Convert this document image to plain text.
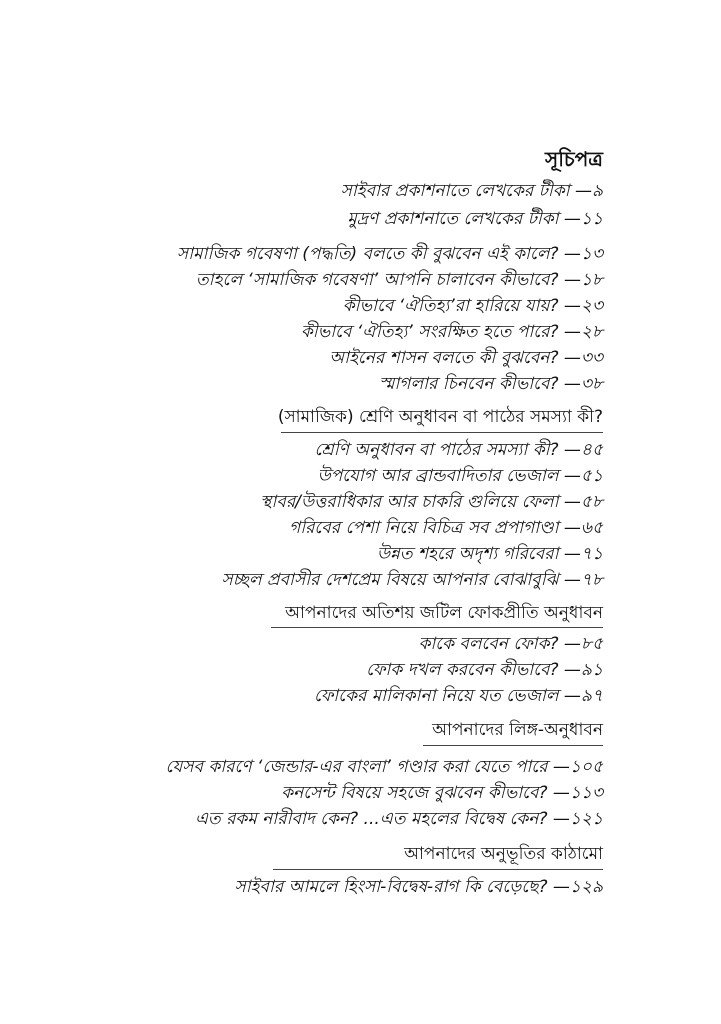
সূচিপত্র
সাইবার প্রকাশনাতে লেখকের টীকা —৯
মুদ্রণ প্রকাশনাতে লেখকের টীকা —১১
সামাজিক গবেষণা (পদ্ধতি) বলতে কী বুঝবেন এই কালে? —১৩
তাহলে ‘সামাজিক গবেষণা’ আপনি চালাবেন কীভাবে? —১৮
কীভাবে ‘ঐতিহ্য’রা হারিয়ে যায়? —২৩
কীভাবে ‘ঐতিহ্য’ সংরক্ষিত হতে পারে? —২৮
আইনের শাসন বলতে কী বুঝবেন? —৩৩
স্মাগলার চিনবেন কীভাবে? —৩৮
(সামাজিক) শ্রেণি অনুধাবন বা পাঠের সমস্যা কী?
শ্রেণি অনুধাবন বা পাঠের সমস্যা কী? —৪৫
উপযোগ আর ব্রান্ডবাদিতার ভেজাল —৫১
স্থাবর/উত্তরাধিকার আর চাকরি গুলিয়ে ফেলা —৫৮
গরিবের পেশা নিয়ে বিচিত্র সব প্রপাগাণ্ডা —৬৫
উন্নত শহরে অদৃশ্য গরিবেরা —৭১
সচ্ছল প্রবাসীর দেশপ্রেম বিষয়ে আপনার বোঝাবুঝি —৭৮
আপনাদের অতিশয় জটিল ফোকপ্রীতি অনুধাবন
কাকে বলবেন ফোক? —৮৫
ফোক দখল করবেন কীভাবে? —৯১
ফোকের মালিকানা নিয়ে যত ভেজাল —৯৭
আপনাদের লিঙ্গ-অনুধাবন
যেসব কারণে ‘জেন্ডার-এর বাংলা’ গণ্ডার করা যেতে পারে —১০৫
কনসেন্ট বিষয়ে সহজে বুঝবেন কীভাবে? —১১৩
এত রকম নারীবাদ কেন? ...এত মহলের বিদ্বেষ কেন? —১২১
আপনাদের অনুভূতির কাঠামো
সাইবার আমলে হিংসা-বিদ্বেষ-রাগ কি বেড়েছে? —১২৯
